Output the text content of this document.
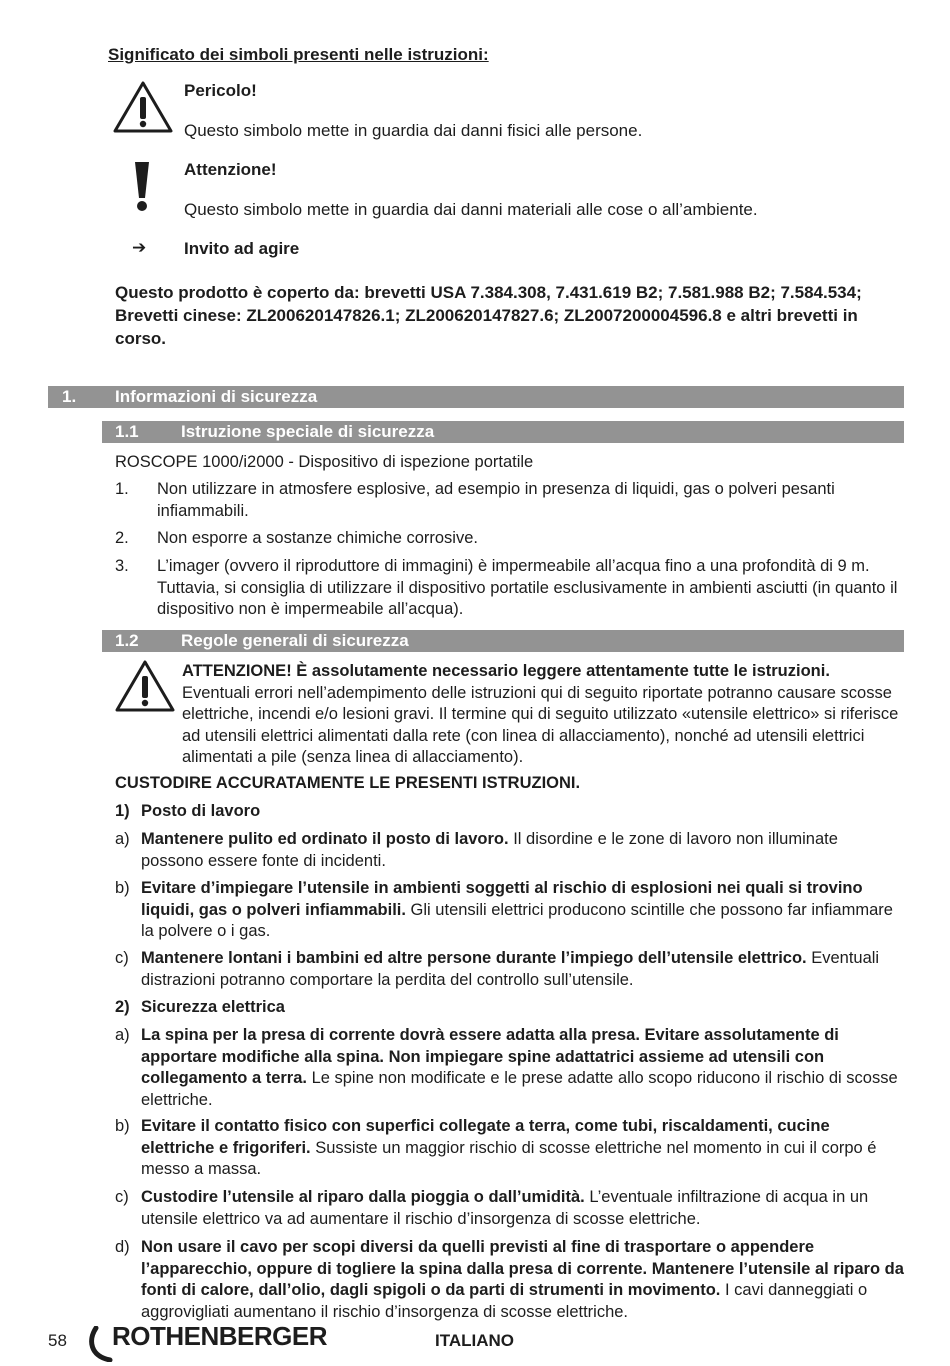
Significato dei simboli presenti nelle istruzioni:
Pericolo!
Questo simbolo mette in guardia dai danni fisici alle persone.
Attenzione!
Questo simbolo mette in guardia dai danni materiali alle cose o all’ambiente.
➔ Invito ad agire
Questo prodotto è coperto da: brevetti USA 7.384.308, 7.431.619 B2; 7.581.988 B2; 7.584.534; Brevetti cinese: ZL200620147826.1; ZL200620147827.6; ZL2007200004596.8 e altri brevetti in corso.
1. Informazioni di sicurezza
1.1 Istruzione speciale di sicurezza
ROSCOPE 1000/i2000 - Dispositivo di ispezione portatile
1.	Non utilizzare in atmosfere esplosive, ad esempio in presenza di liquidi, gas o polveri pesanti infiammabili.
2.	Non esporre a sostanze chimiche corrosive.
3.	L’imager (ovvero il riproduttore di immagini) è impermeabile all’acqua fino a una profondità di 9 m. Tuttavia, si consiglia di utilizzare il dispositivo portatile esclusivamente in ambienti asciutti (in quanto il dispositivo non è impermeabile all’acqua).
1.2 Regole generali di sicurezza
ATTENZIONE! È assolutamente necessario leggere attentamente tutte le istruzioni. Eventuali errori nell’adempimento delle istruzioni qui di seguito riportate potranno causare scosse elettriche, incendi e/o lesioni gravi. Il termine qui di seguito utilizzato «utensile elettrico» si riferisce ad utensili elettrici alimentati dalla rete (con linea di allacciamento), nonché ad utensili elettrici alimentati a pile (senza linea di allacciamento).
CUSTODIRE ACCURATAMENTE LE PRESENTI ISTRUZIONI.
1) Posto di lavoro
a) Mantenere pulito ed ordinato il posto di lavoro. Il disordine e le zone di lavoro non illuminate possono essere fonte di incidenti.
b) Evitare d’impiegare l’utensile in ambienti soggetti al rischio di esplosioni nei quali si trovino liquidi, gas o polveri infiammabili. Gli utensili elettrici producono scintille che possono far infiammare la polvere o i gas.
c) Mantenere lontani i bambini ed altre persone durante l’impiego dell’utensile elettrico. Eventuali distrazioni potranno comportare la perdita del controllo sull’utensile.
2) Sicurezza elettrica
a) La spina per la presa di corrente dovrà essere adatta alla presa. Evitare assolutamente di apportare modifiche alla spina. Non impiegare spine adattatrici assieme ad utensili con collegamento a terra. Le spine non modificate e le prese adatte allo scopo riducono il rischio di scosse elettriche.
b) Evitare il contatto fisico con superfici collegate a terra, come tubi, riscaldamenti, cucine elettriche e frigoriferi. Sussiste un maggior rischio di scosse elettriche nel momento in cui il corpo é messo a massa.
c) Custodire l’utensile al riparo dalla pioggia o dall’umidità. L’eventuale infiltrazione di acqua in un utensile elettrico va ad aumentare il rischio d’insorgenza di scosse elettriche.
d) Non usare il cavo per scopi diversi da quelli previsti al fine di trasportare o appendere l’apparecchio, oppure di togliere la spina dalla presa di corrente. Mantenere l’utensile al riparo da fonti di calore, dall’olio, dagli spigoli o da parti di strumenti in movimento. I cavi danneggiati o aggrovigliati aumentano il rischio d’insorgenza di scosse elettriche.
58 ROTHENBERGER	ITALIANO
